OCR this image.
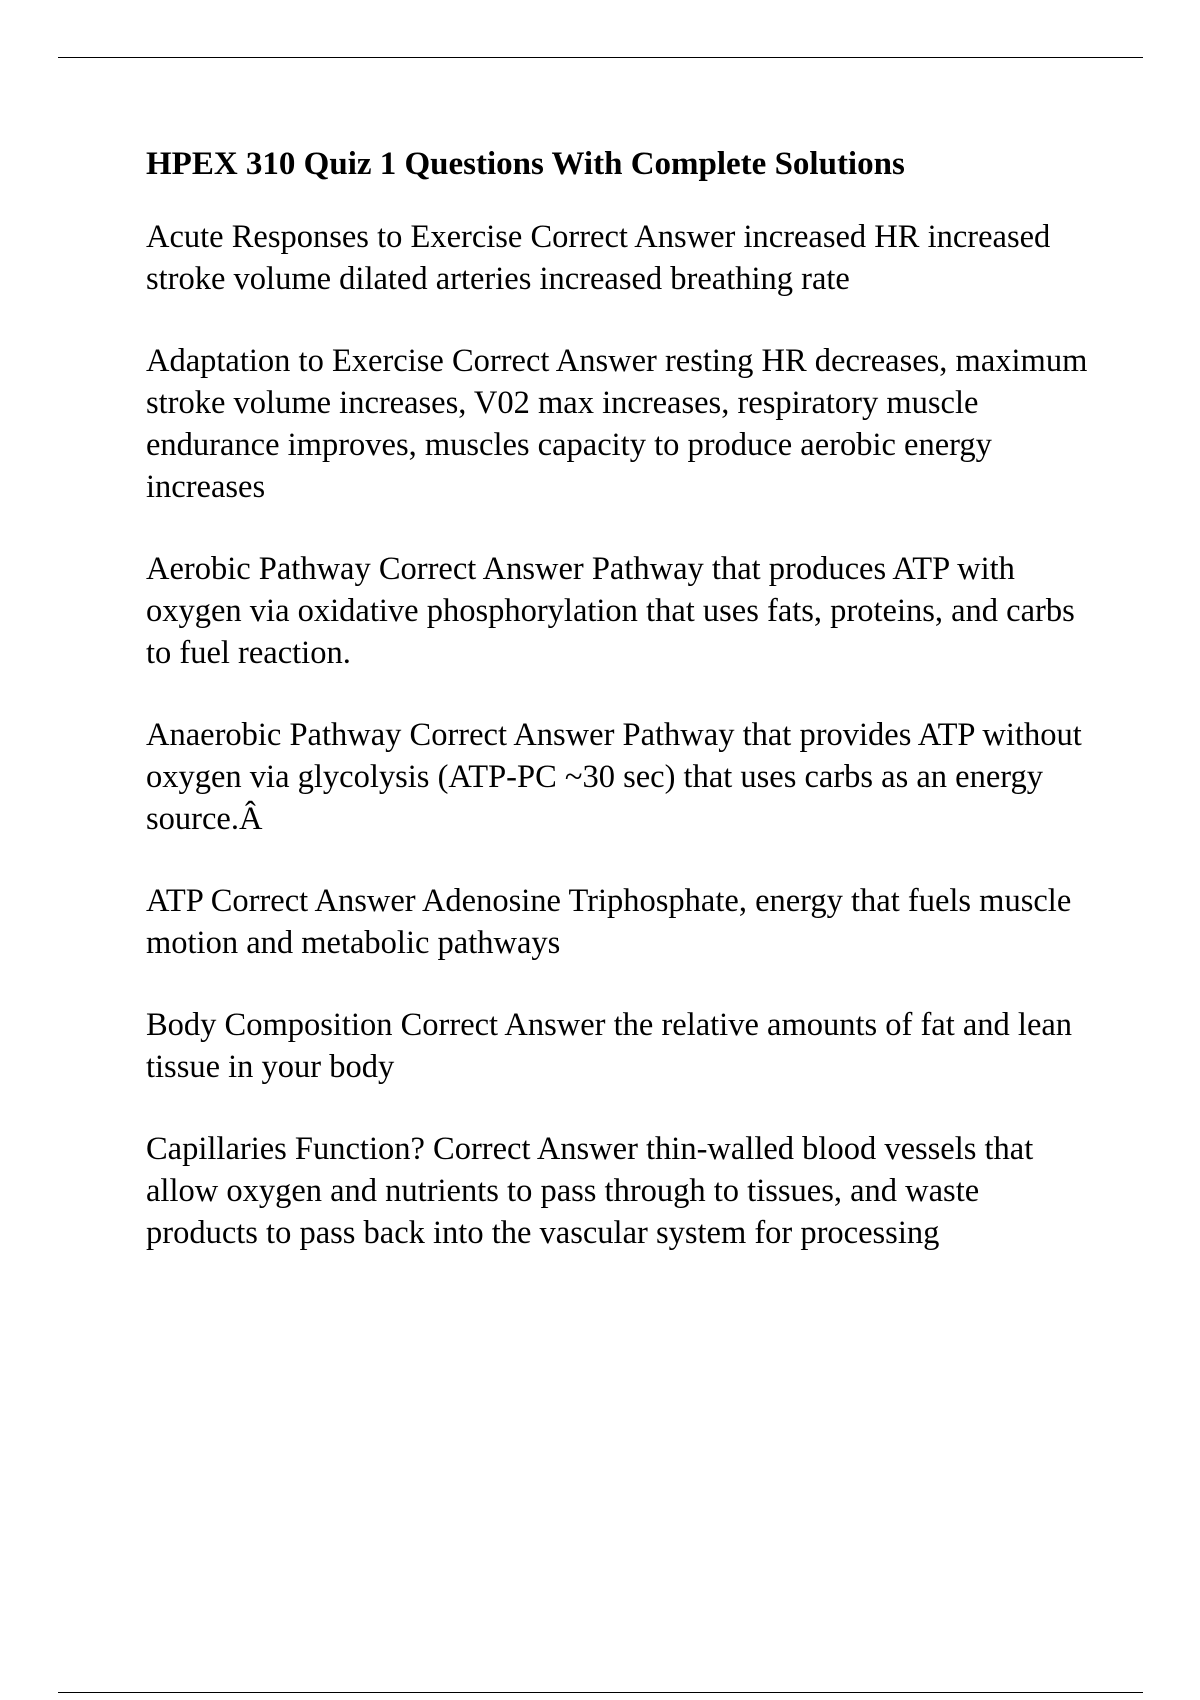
HPEX 310 Quiz 1 Questions With Complete Solutions

Acute Responses to Exercise Correct Answer increased HR increased stroke volume dilated arteries increased breathing rate

Adaptation to Exercise Correct Answer resting HR decreases, maximum stroke volume increases, V02 max increases, respiratory muscle endurance improves, muscles capacity to produce aerobic energy increases

Aerobic Pathway Correct Answer Pathway that produces ATP with oxygen via oxidative phosphorylation that uses fats, proteins, and carbs to fuel reaction.

Anaerobic Pathway Correct Answer Pathway that provides ATP without oxygen via glycolysis (ATP-PC ~30 sec) that uses carbs as an energy source.Â

ATP Correct Answer Adenosine Triphosphate, energy that fuels muscle motion and metabolic pathways

Body Composition Correct Answer the relative amounts of fat and lean tissue in your body

Capillaries Function? Correct Answer thin-walled blood vessels that allow oxygen and nutrients to pass through to tissues, and waste products to pass back into the vascular system for processing
